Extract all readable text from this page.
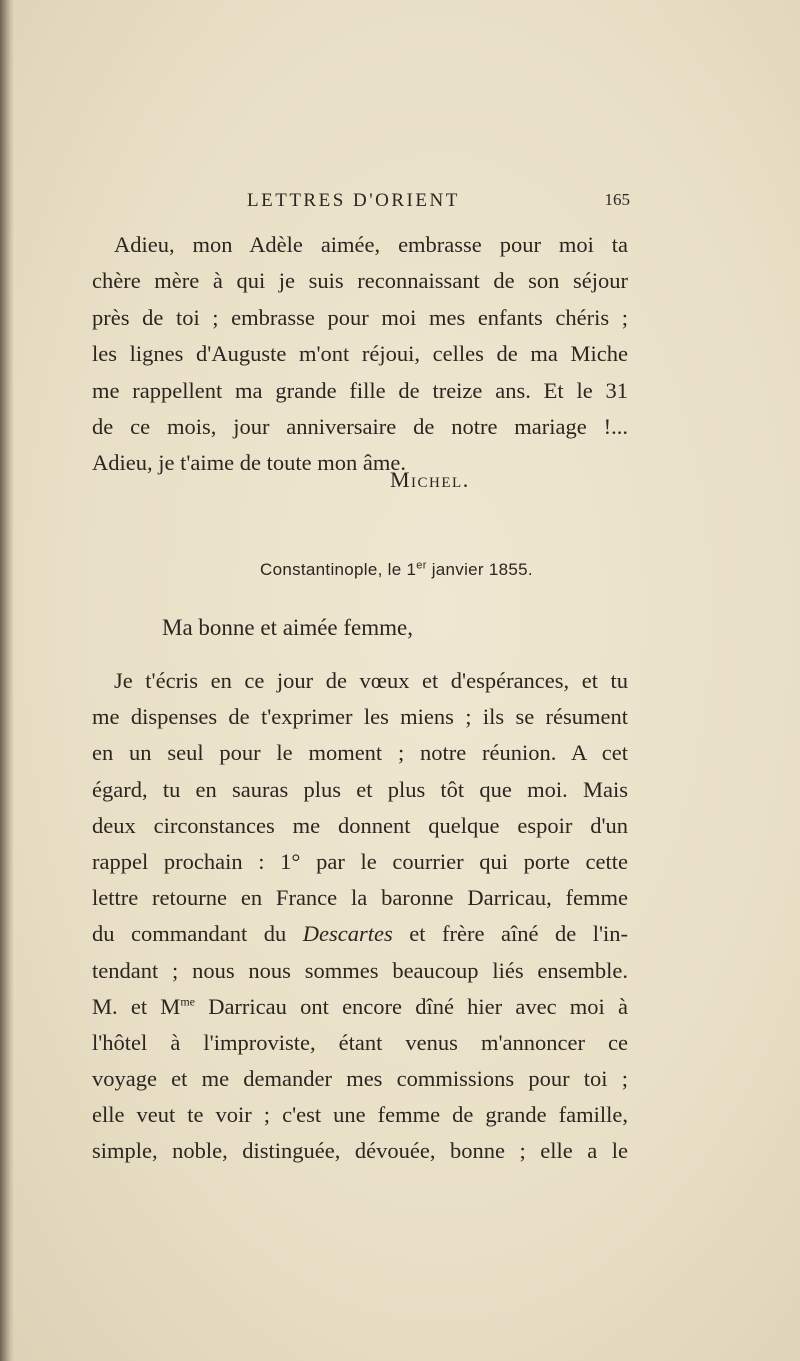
LETTRES D'ORIENT	165
Adieu, mon Adèle aimée, embrasse pour moi ta
chère mère à qui je suis reconnaissant de son séjour
près de toi ; embrasse pour moi mes enfants chéris ;
les lignes d'Auguste m'ont réjoui, celles de ma Miche
me rappellent ma grande fille de treize ans. Et le 31
de ce mois, jour anniversaire de notre mariage !...
Adieu, je t'aime de toute mon âme.
Michel.
Constantinople, le 1er janvier 1855.
Ma bonne et aimée femme,
Je t'écris en ce jour de vœux et d'espérances, et tu
me dispenses de t'exprimer les miens ; ils se résument
en un seul pour le moment ; notre réunion. A cet
égard, tu en sauras plus et plus tôt que moi. Mais
deux circonstances me donnent quelque espoir d'un
rappel prochain : 1° par le courrier qui porte cette
lettre retourne en France la baronne Darricau, femme
du commandant du Descartes et frère aîné de l'in-
tendant ; nous nous sommes beaucoup liés ensemble.
M. et $M^{me}$ Darricau ont encore dîné hier avec moi à
l'hôtel à l'improviste, étant venus m'annoncer ce
voyage et me demander mes commissions pour toi ;
elle veut te voir ; c'est une femme de grande famille,
simple, noble, distinguée, dévouée, bonne ; elle a le
